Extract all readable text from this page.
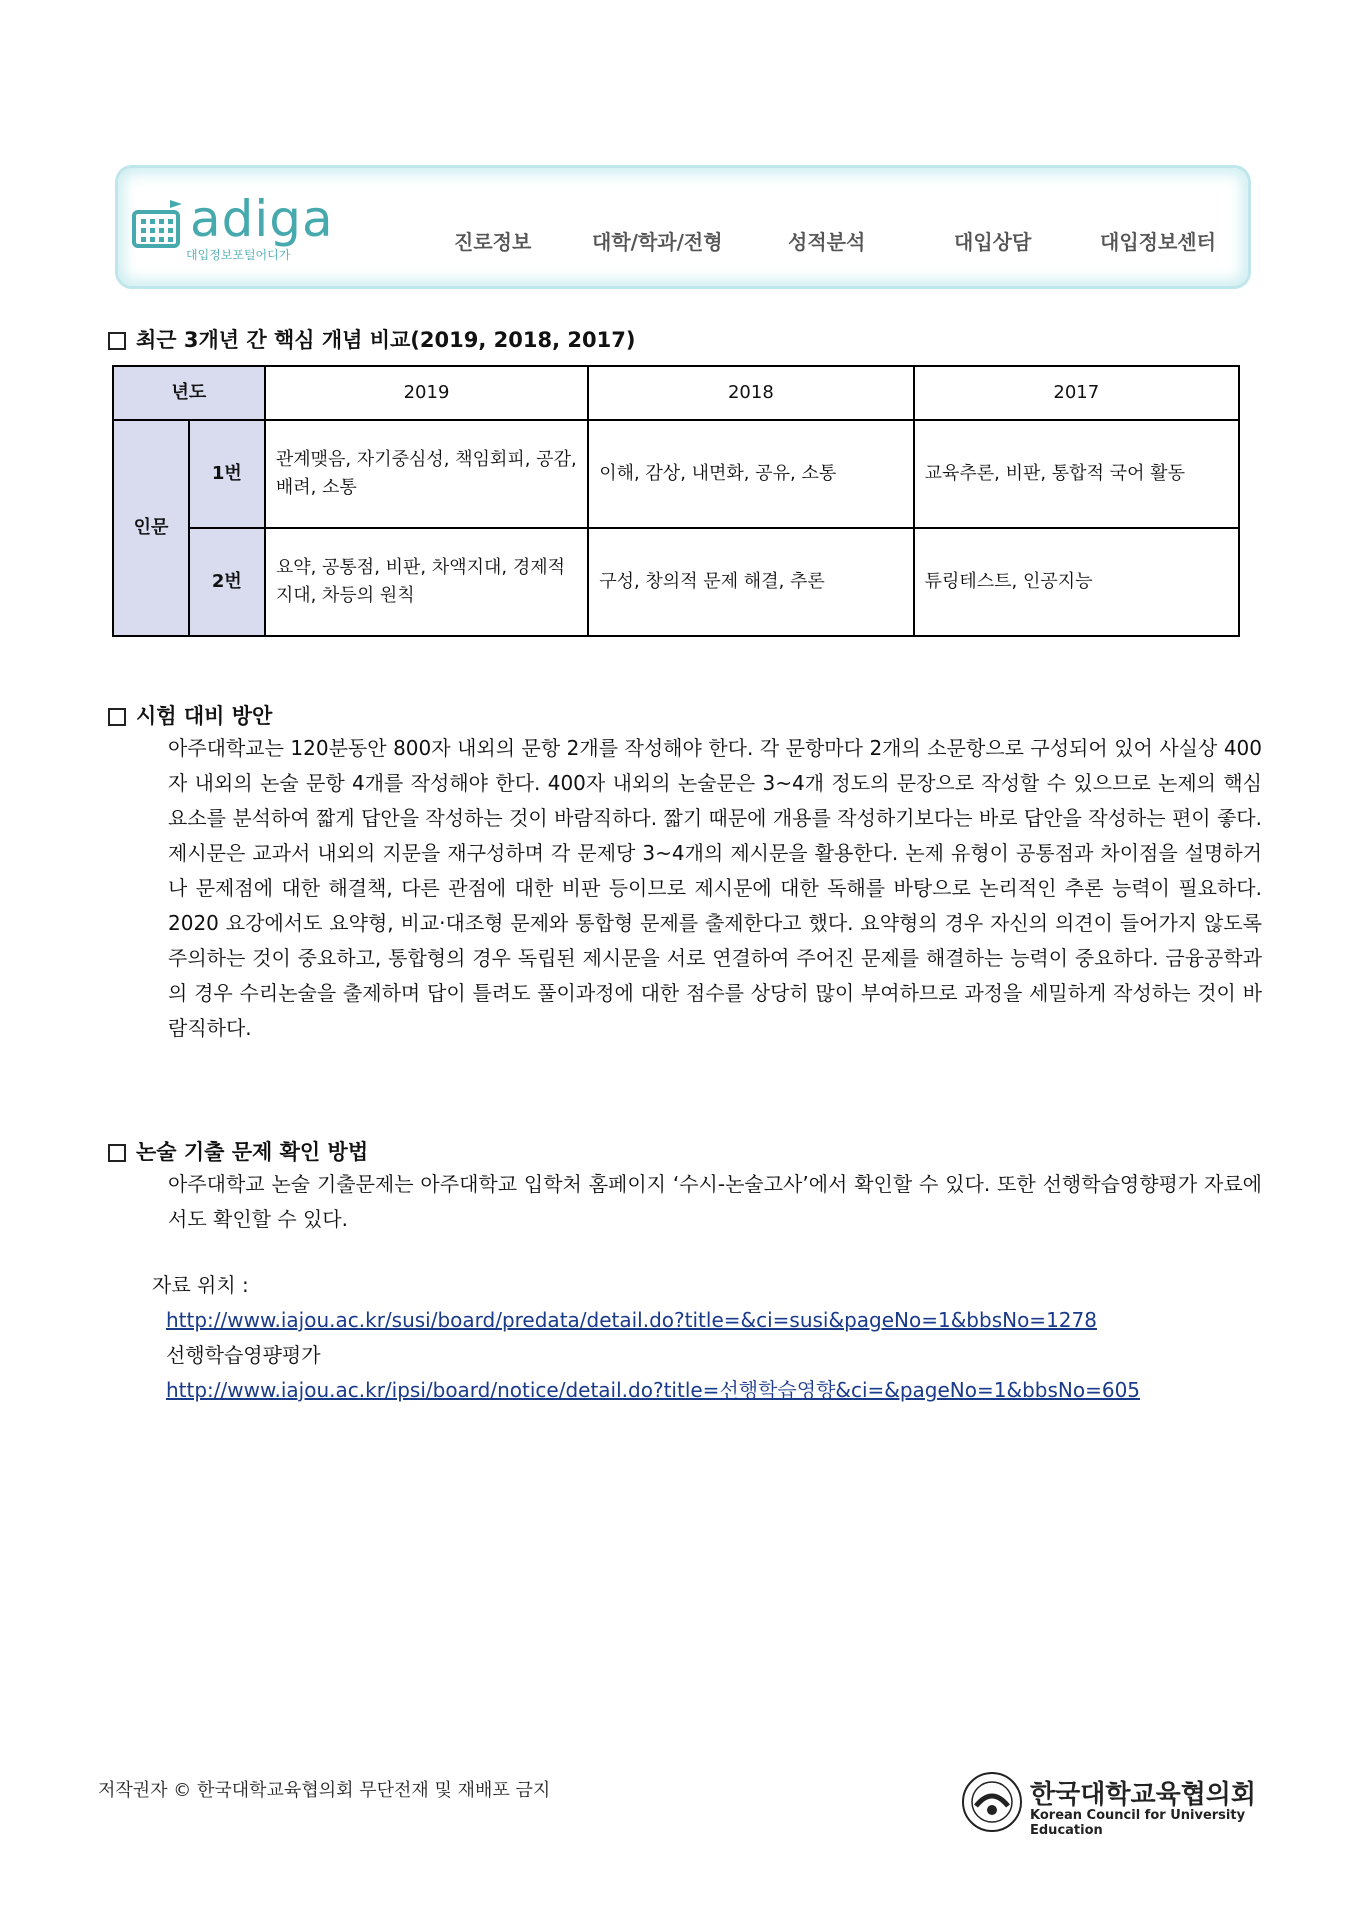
adiga
대입정보포털어디가
진로정보	대학/학과/전형	성적분석	대입상담	대입정보센터
최근 3개년 간 핵심 개념 비교(2019, 2018, 2017)
년도		2019	2018	2017
인문	1번	관계맺음, 자기중심성, 책임회피, 공감, 배려, 소통	이해, 감상, 내면화, 공유, 소통	교육추론, 비판, 통합적 국어 활동
	2번	요약, 공통점, 비판, 차액지대, 경제적 지대, 차등의 원칙	구성, 창의적 문제 해결, 추론	튜링테스트, 인공지능
시험 대비 방안
아주대학교는 120분동안 800자 내외의 문항 2개를 작성해야 한다. 각 문항마다 2개의 소문항으로 구성되어 있어 사실상 400자 내외의 논술 문항 4개를 작성해야 한다. 400자 내외의 논술문은 3~4개 정도의 문장으로 작성할 수 있으므로 논제의 핵심 요소를 분석하여 짧게 답안을 작성하는 것이 바람직하다. 짧기 때문에 개용를 작성하기보다는 바로 답안을 작성하는 편이 좋다. 제시문은 교과서 내외의 지문을 재구성하며 각 문제당 3~4개의 제시문을 활용한다. 논제 유형이 공통점과 차이점을 설명하거나 문제점에 대한 해결책, 다른 관점에 대한 비판 등이므로 제시문에 대한 독해를 바탕으로 논리적인 추론 능력이 필요하다. 2020 요강에서도 요약형, 비교·대조형 문제와 통합형 문제를 출제한다고 했다. 요약형의 경우 자신의 의견이 들어가지 않도록 주의하는 것이 중요하고, 통합형의 경우 독립된 제시문을 서로 연결하여 주어진 문제를 해결하는 능력이 중요하다. 금융공학과의 경우 수리논술을 출제하며 답이 틀려도 풀이과정에 대한 점수를 상당히 많이 부여하므로 과정을 세밀하게 작성하는 것이 바람직하다.
논술 기출 문제 확인 방법
아주대학교 논술 기출문제는 아주대학교 입학처 홈페이지 ‘수시-논술고사’에서 확인할 수 있다. 또한 선행학습영향평가 자료에서도 확인할 수 있다.
자료 위치 :
http://www.iajou.ac.kr/susi/board/predata/detail.do?title=&ci=susi&pageNo=1&bbsNo=1278
선행학습영퍙평가
http://www.iajou.ac.kr/ipsi/board/notice/detail.do?title=선행학습영향&ci=&pageNo=1&bbsNo=605
저작권자 © 한국대학교육협의회 무단전재 및 재배포 금지	한국대학교육협의회
Korean Council for University Education
